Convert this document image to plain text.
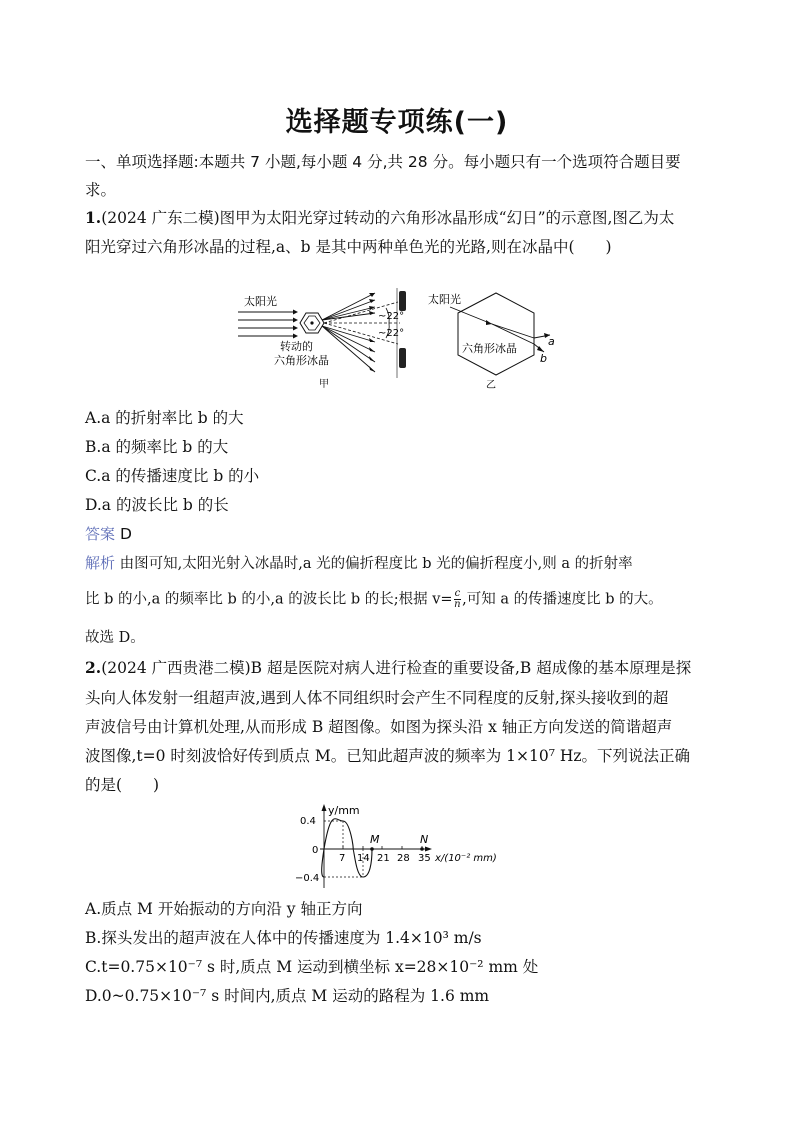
选择题专项练(一)
一、单项选择题:本题共 7 小题,每小题 4 分,共 28 分。每小题只有一个选项符合题目要
求。
1.(2024 广东二模)图甲为太阳光穿过转动的六角形冰晶形成“幻日”的示意图,图乙为太
阳光穿过六角形冰晶的过程,a、b 是其中两种单色光的光路,则在冰晶中(　　)
太阳光
~22°
~22°
转动的
六角形冰晶
甲
太阳光
a
b
六角形冰晶
乙
A.a 的折射率比 b 的大
B.a 的频率比 b 的大
C.a 的传播速度比 b 的小
D.a 的波长比 b 的长
答案 D
解析 由图可知,太阳光射入冰晶时,a 光的偏折程度比 b 光的偏折程度小,则 a 的折射率
比 b 的小,a 的频率比 b 的小,a 的波长比 b 的长;根据 $v= \frac{c}{n}$ ,可知 a 的传播速度比 b 的大。
故选 D。
2.(2024 广西贵港二模)B 超是医院对病人进行检查的重要设备,B 超成像的基本原理是探
头向人体发射一组超声波,遇到人体不同组织时会产生不同程度的反射,探头接收到的超
声波信号由计算机处理,从而形成 B 超图像。如图为探头沿 x 轴正方向发送的简谐超声
波图像,t=0 时刻波恰好传到质点 M。已知此超声波的频率为 1×10⁷ Hz。下列说法正确
的是(　　)
y/mm
x/(10⁻² mm)
0.4
0
−0.4
7 14 21 28 35
M	N
A.质点 M 开始振动的方向沿 y 轴正方向
B.探头发出的超声波在人体中的传播速度为 1.4×10³ m/s
C.t=0.75×10⁻⁷ s 时,质点 M 运动到横坐标 x=28×10⁻² mm 处
D.0~0.75×10⁻⁷ s 时间内,质点 M 运动的路程为 1.6 mm
